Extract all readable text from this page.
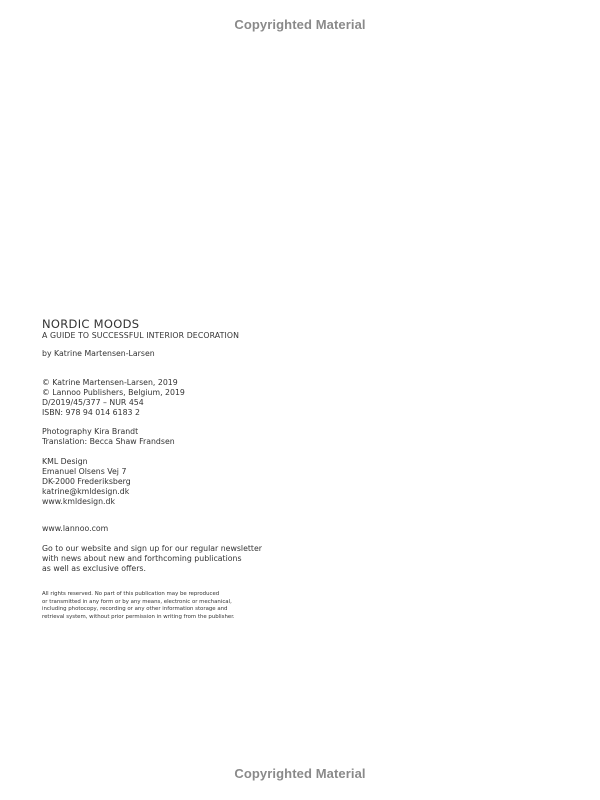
Copyrighted Material
NORDIC MOODS
A GUIDE TO SUCCESSFUL INTERIOR DECORATION
by Katrine Martensen-Larsen
© Katrine Martensen-Larsen, 2019
© Lannoo Publishers, Belgium, 2019
D/2019/45/377 – NUR 454
ISBN: 978 94 014 6183 2
Photography Kira Brandt
Translation: Becca Shaw Frandsen
KML Design
Emanuel Olsens Vej 7
DK-2000 Frederiksberg
katrine@kmldesign.dk
www.kmldesign.dk
www.lannoo.com
Go to our website and sign up for our regular newsletter
with news about new and forthcoming publications
as well as exclusive offers.
All rights reserved. No part of this publication may be reproduced
or transmitted in any form or by any means, electronic or mechanical,
including photocopy, recording or any other information storage and
retrieval system, without prior permission in writing from the publisher.
Copyrighted Material
